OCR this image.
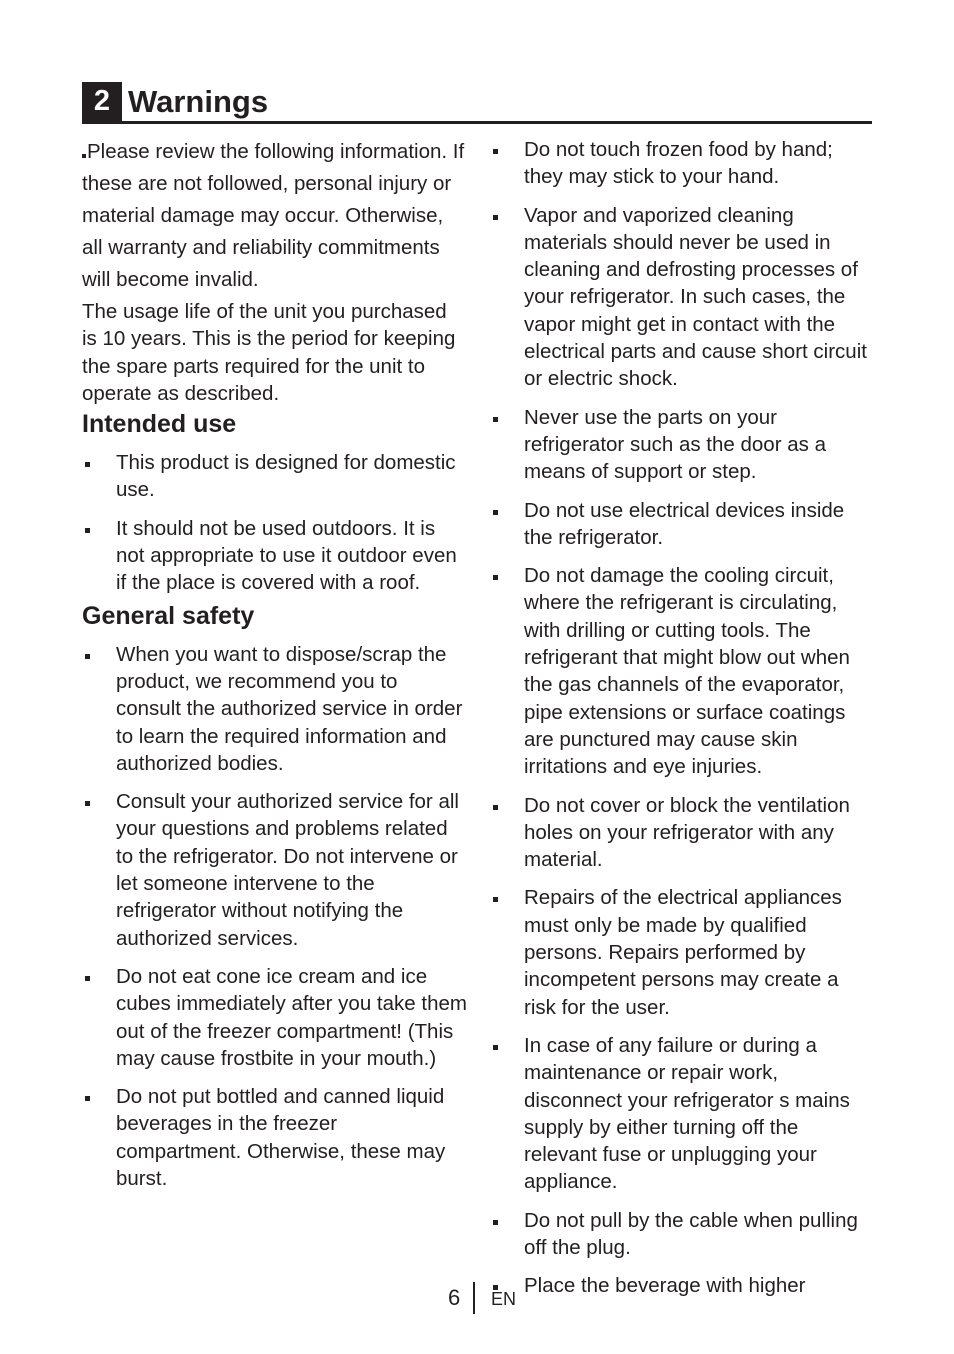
2 Warnings

Please review the following information. If these are not followed, personal injury or material damage may occur. Otherwise, all warranty and reliability commitments will become invalid.

The usage life of the unit you purchased is 10 years. This is the period for keeping the spare parts required for the unit to operate as described.

Intended use
This product is designed for domestic use.
It should not be used outdoors. It is not appropriate to use it outdoor even if the place is covered with a roof.
General safety
When you want to dispose/scrap the product, we recommend you to consult the authorized service in order to learn the required information and authorized bodies.
Consult your authorized service for all your questions and problems related to the refrigerator. Do not intervene or let someone intervene to the refrigerator without notifying the authorized services.
Do not eat cone ice cream and ice cubes immediately after you take them out of the freezer compartment! (This may cause frostbite in your mouth.)
Do not put bottled and canned liquid beverages in the freezer compartment. Otherwise, these may burst.
Do not touch frozen food by hand; they may stick to your hand.
Vapor and vaporized cleaning materials should never be used in cleaning and defrosting processes of your refrigerator. In such cases, the vapor might get in contact with the electrical parts and cause short circuit or electric shock.
Never use the parts on your refrigerator such as the door as a means of support or step.
Do not use electrical devices inside the refrigerator.
Do not damage the cooling circuit, where the refrigerant is circulating, with drilling or cutting tools. The refrigerant that might blow out when the gas channels of the evaporator, pipe extensions or surface coatings are punctured may cause skin irritations and eye injuries.
Do not cover or block the ventilation holes on your refrigerator with any material.
Repairs of the electrical appliances must only be made by qualified persons. Repairs performed by incompetent persons may create a risk for the user.
In case of any failure or during a maintenance or repair work, disconnect your refrigerator s mains supply by either turning off the relevant fuse or unplugging your appliance.
Do not pull by the cable when pulling off the plug.
Place the beverage with higher
6 EN
